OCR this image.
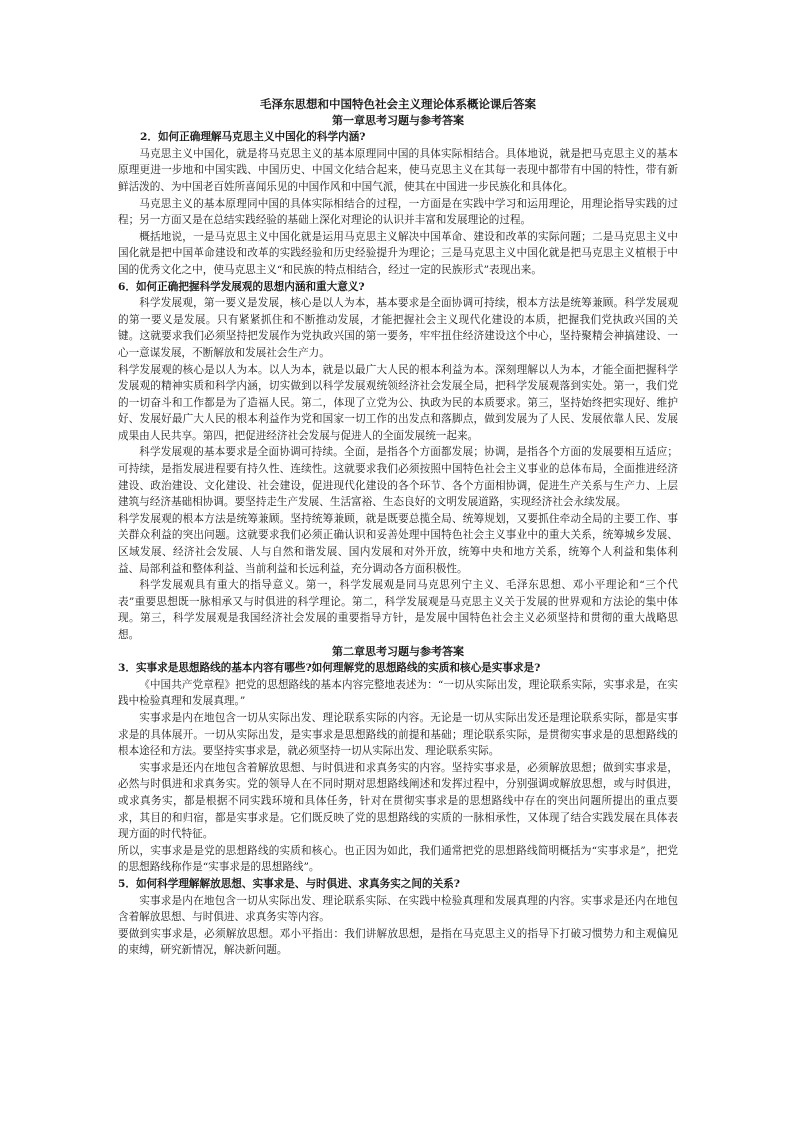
毛泽东思想和中国特色社会主义理论体系概论课后答案
第一章思考习题与参考答案
2．如何正确理解马克思主义中国化的科学内涵?

马克思主义中国化，就是将马克思主义的基本原理同中国的具体实际相结合。具体地说，就是把马克思主义的基本原理更进一步地和中国实践、中国历史、中国文化结合起来，使马克思主义在其每一表现中都带有中国的特性，带有新鲜活泼的、为中国老百姓所喜闻乐见的中国作风和中国气派，使其在中国进一步民族化和具体化。

马克思主义的基本原理同中国的具体实际相结合的过程，一方面是在实践中学习和运用理论，用理论指导实践的过程；另一方面又是在总结实践经验的基础上深化对理论的认识并丰富和发展理论的过程。

概括地说，一是马克思主义中国化就是运用马克思主义解决中国革命、建设和改革的实际问题；二是马克思主义中国化就是把中国革命建设和改革的实践经验和历史经验提升为理论；三是马克思主义中国化就是把马克思主义植根于中国的优秀文化之中，使马克思主义“和民族的特点相结合，经过一定的民族形式”表现出来。

6．如何正确把握科学发展观的思想内涵和重大意义?

科学发展观，第一要义是发展，核心是以人为本，基本要求是全面协调可持续，根本方法是统筹兼顾。科学发展观的第一要义是发展。只有紧紧抓住和不断推动发展，才能把握社会主义现代化建设的本质，把握我们党执政兴国的关键。这就要求我们必须坚持把发展作为党执政兴国的第一要务，牢牢扭住经济建设这个中心，坚持聚精会神搞建设、一心一意谋发展，不断解放和发展社会生产力。

科学发展观的核心是以人为本。以人为本，就是以最广大人民的根本利益为本。深刻理解以人为本，才能全面把握科学发展观的精神实质和科学内涵，切实做到以科学发展观统领经济社会发展全局，把科学发展观落到实处。第一，我们党的一切奋斗和工作都是为了造福人民。第二，体现了立党为公、执政为民的本质要求。第三，坚持始终把实现好、维护好、发展好最广大人民的根本利益作为党和国家一切工作的出发点和落脚点，做到发展为了人民、发展依靠人民、发展成果由人民共享。第四，把促进经济社会发展与促进人的全面发展统一起来。

科学发展观的基本要求是全面协调可持续。全面，是指各个方面都发展；协调，是指各个方面的发展要相互适应；可持续，是指发展进程要有持久性、连续性。这就要求我们必须按照中国特色社会主义事业的总体布局，全面推进经济建设、政治建设、文化建设、社会建设，促进现代化建设的各个环节、各个方面相协调，促进生产关系与生产力、上层建筑与经济基础相协调。要坚持走生产发展、生活富裕、生态良好的文明发展道路，实现经济社会永续发展。

科学发展观的根本方法是统筹兼顾。坚持统筹兼顾，就是既要总揽全局、统筹规划，又要抓住牵动全局的主要工作、事关群众利益的突出问题。这就要求我们必须正确认识和妥善处理中国特色社会主义事业中的重大关系，统筹城乡发展、区域发展、经济社会发展、人与自然和谐发展、国内发展和对外开放，统筹中央和地方关系，统筹个人利益和集体利益、局部利益和整体利益、当前利益和长远利益，充分调动各方面积极性。

科学发展观具有重大的指导意义。第一，科学发展观是同马克思列宁主义、毛泽东思想、邓小平理论和“三个代表”重要思想既一脉相承又与时俱进的科学理论。第二，科学发展观是马克思主义关于发展的世界观和方法论的集中体现。第三，科学发展观是我国经济社会发展的重要指导方针，是发展中国特色社会主义必须坚持和贯彻的重大战略思想。

第二章思考习题与参考答案
3．实事求是思想路线的基本内容有哪些?如何理解党的思想路线的实质和核心是实事求是?

《中国共产党章程》把党的思想路线的基本内容完整地表述为：“一切从实际出发，理论联系实际，实事求是，在实践中检验真理和发展真理。”

实事求是内在地包含一切从实际出发、理论联系实际的内容。无论是一切从实际出发还是理论联系实际，都是实事求是的具体展开。一切从实际出发，是实事求是思想路线的前提和基础；理论联系实际，是贯彻实事求是的思想路线的根本途径和方法。要坚持实事求是，就必须坚持一切从实际出发、理论联系实际。

实事求是还内在地包含着解放思想、与时俱进和求真务实的内容。坚持实事求是，必须解放思想；做到实事求是，必然与时俱进和求真务实。党的领导人在不同时期对思想路线阐述和发挥过程中，分别强调或解放思想，或与时俱进，或求真务实，都是根据不同实践环境和具体任务，针对在贯彻实事求是的思想路线中存在的突出问题所提出的重点要求，其目的和归宿，都是实事求是。它们既反映了党的思想路线的实质的一脉相承性，又体现了结合实践发展在具体表现方面的时代特征。

所以，实事求是是党的思想路线的实质和核心。也正因为如此，我们通常把党的思想路线简明概括为“实事求是”，把党的思想路线称作是“实事求是的思想路线”。

5．如何科学理解解放思想、实事求是、与时俱进、求真务实之间的关系?

实事求是内在地包含一切从实际出发、理论联系实际、在实践中检验真理和发展真理的内容。实事求是还内在地包含着解放思想、与时俱进、求真务实等内容。

要做到实事求是，必须解放思想。邓小平指出：我们讲解放思想，是指在马克思主义的指导下打破习惯势力和主观偏见的束缚，研究新情况，解决新问题。
